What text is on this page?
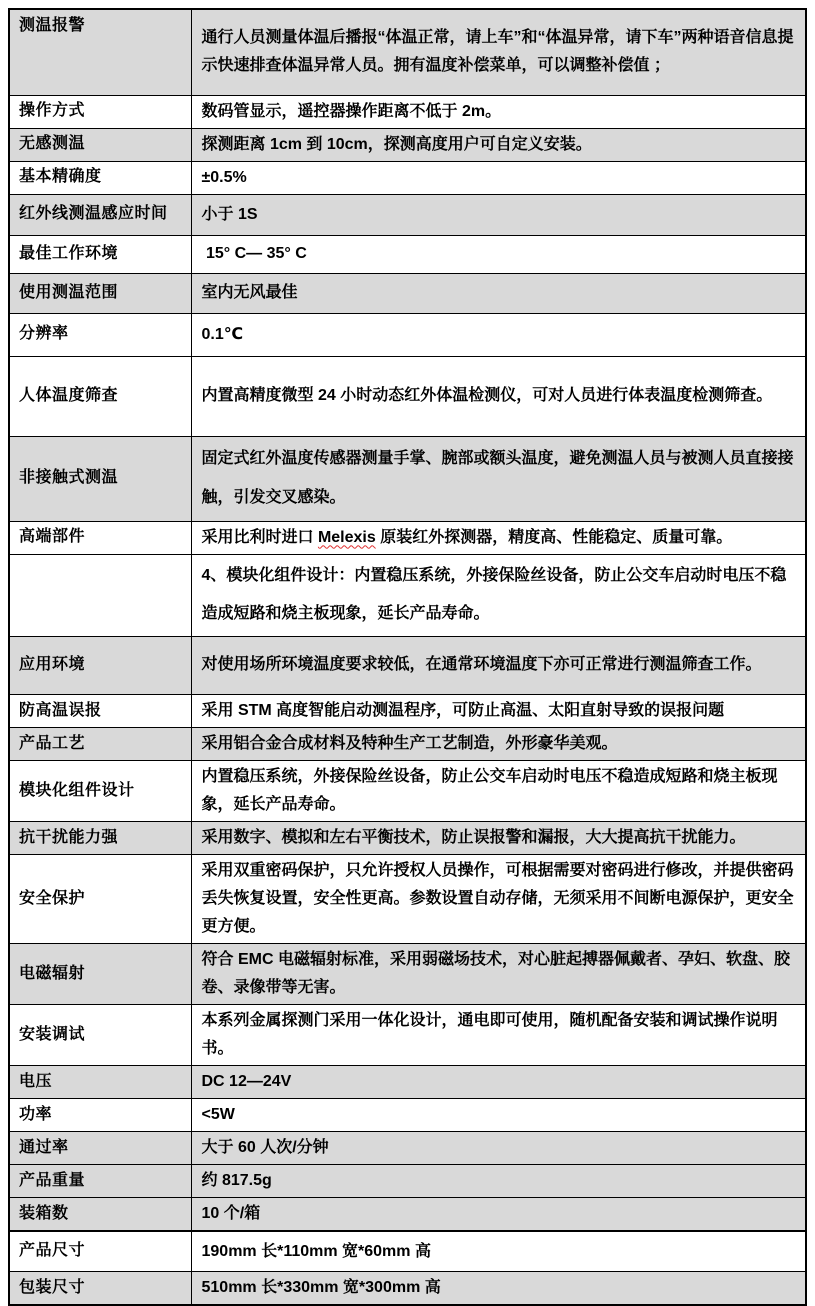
测温报警	通行人员测量体温后播报“体温正常，请上车”和“体温异常，请下车”两种语音信息提示快速排查体温异常人员。拥有温度补偿菜单，可以调整补偿值 ；
操作方式	数码管显示，遥控器操作距离不低于 2m。
无感测温	探测距离 1cm 到 10cm，探测高度用户可自定义安装。
基本精确度	±0.5%
红外线测温感应时间	小于 1S
最佳工作环境	15° C— 35° C
使用测温范围	室内无风最佳
分辨率	0.1℃
人体温度筛查	内置高精度微型 24 小时动态红外体温检测仪，可对人员进行体表温度检测筛查。
非接触式测温	固定式红外温度传感器测量手掌、腕部或额头温度，避免测温人员与被测人员直接接触，引发交叉感染。
高端部件	采用比利时进口 Melexis 原装红外探测器，精度高、性能稳定、质量可靠。
	4、模块化组件设计：内置稳压系统，外接保险丝设备，防止公交车启动时电压不稳造成短路和烧主板现象，延长产品寿命。
应用环境	对使用场所环境温度要求较低，在通常环境温度下亦可正常进行测温筛查工作。
防高温误报	采用 STM 高度智能启动测温程序，可防止高温、太阳直射导致的误报问题
产品工艺	采用铝合金合成材料及特种生产工艺制造，外形豪华美观。
模块化组件设计	内置稳压系统，外接保险丝设备，防止公交车启动时电压不稳造成短路和烧主板现象，延长产品寿命。
抗干扰能力强	采用数字、模拟和左右平衡技术，防止误报警和漏报，大大提高抗干扰能力。
安全保护	采用双重密码保护，只允许授权人员操作，可根据需要对密码进行修改，并提供密码丢失恢复设置，安全性更高。参数设置自动存储，无须采用不间断电源保护，更安全更方便。
电磁辐射	符合 EMC 电磁辐射标准，采用弱磁场技术，对心脏起搏器佩戴者、孕妇、软盘、胶卷、录像带等无害。
安装调试	本系列金属探测门采用一体化设计，通电即可使用，随机配备安装和调试操作说明书。
电压	DC 12—24V
功率	<5W
通过率	大于 60 人次/分钟
产品重量	约 817.5g
装箱数	10 个/箱
产品尺寸	190mm 长*110mm 宽*60mm 高
包装尺寸	510mm 长*330mm 宽*300mm 高
